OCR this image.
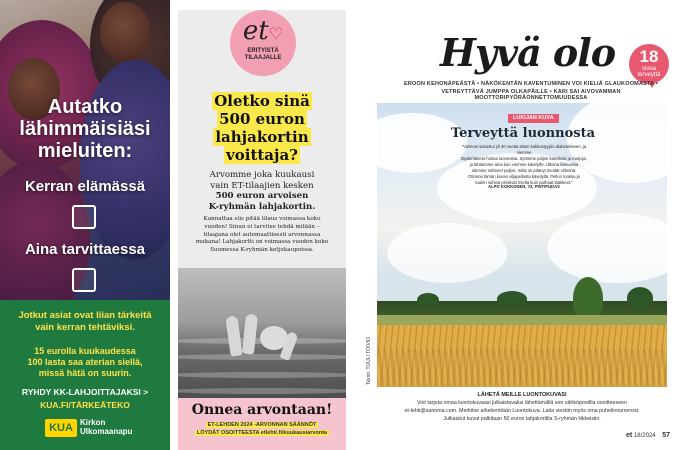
Autatko
lähimmäisiäsi
mieluiten:
Kerran elämässä
Aina tarvittaessa
Jotkut asiat ovat liian tärkeitä
vain kerran tehtäviksi.
15 eurolla kuukaudessa
100 lasta saa aterian siellä,
missä hätä on suurin.
RYHDY KK-LAHJOITTAJAKSI >
KUA.FI/TÄRKEÄTEKO
KUA Kirkon
Ulkomaanapu
et♡
ERITYISTÄ
TILAAJALLE
Oletko sinä
500 euron
lahjakortin
voittaja?
Arvomme joka kuukausi
vain ET-tilaajien kesken
500 euron arvoisen
K-ryhmän lahjakortin.
Kannattaa siis pitää tilaus voimassa koko
vuoden! Sinun ei tarvitse tehdä mitään –
tilaajana olet automaattisesti arvonnassa
mukana! Lahjakortti on voimassa vuoden koko
Suomessa K-ryhmän ketjukaupoissa.
Onnea arvontaan!
ET-LEHDEN 2024 -ARVONNAN SÄÄNNÖT
LÖYDÄT OSOITTEESTA etlehti.fi/kuukausiarvonta
Hyvä olo	18
sivua
terveyttä
EROON KEHONÄPEÄSTÄ • NÄKÖKENTÄN KAVENTUMINEN VOI KIELIÄ GLAUKOOMASTA •
VETREYTTÄVÄ JUMPPA OLKAPÄILLE • KARI SAI AIVOVAMMAN MOOTTORIPYÖRÄONNETTOMUUDESSA
LUKIJAN KUVA
Terveyttä luonnosta
”Vaimoni sairastui yli 30 vuotta sitten kakkostyypin diabetekseen, ja olemme
täydentäneet hoitoa luonnosta. Syömme paljon kasviksia ja marjoja,
ja lähdemme aina kun voimme kävelylle. Ulkona liikkuessa
olemme nähneet paljon, mikä on pitänyt meidät virkeinä.
Otimme tämän kuvan viljapellosta kävelyllä. Pellon tuoksu ja
tuulen suhina piristivät mieltä kuin parhaat lääkkeet.”
ALPO KOKKONEN, 73, PINTIPUDAS
Teksti: TUULI TOIVIO
LÄHETÄ MEILLE LUONTOKUVASI
Voit tarjota omaa luontokuvaasi julkaistavaksi lähettämällä sen sähköpostilla osoitteeseen
et-lehti@sanoma.com. Merkitse aihekenttään Luontokuva. Laita viestiin myös oma puhelinnumerosi.
Julkaistut kuvat palkitaan 50 euron lahjakortilla S-ryhmän liikkeisiin.
et 18/2024 57
